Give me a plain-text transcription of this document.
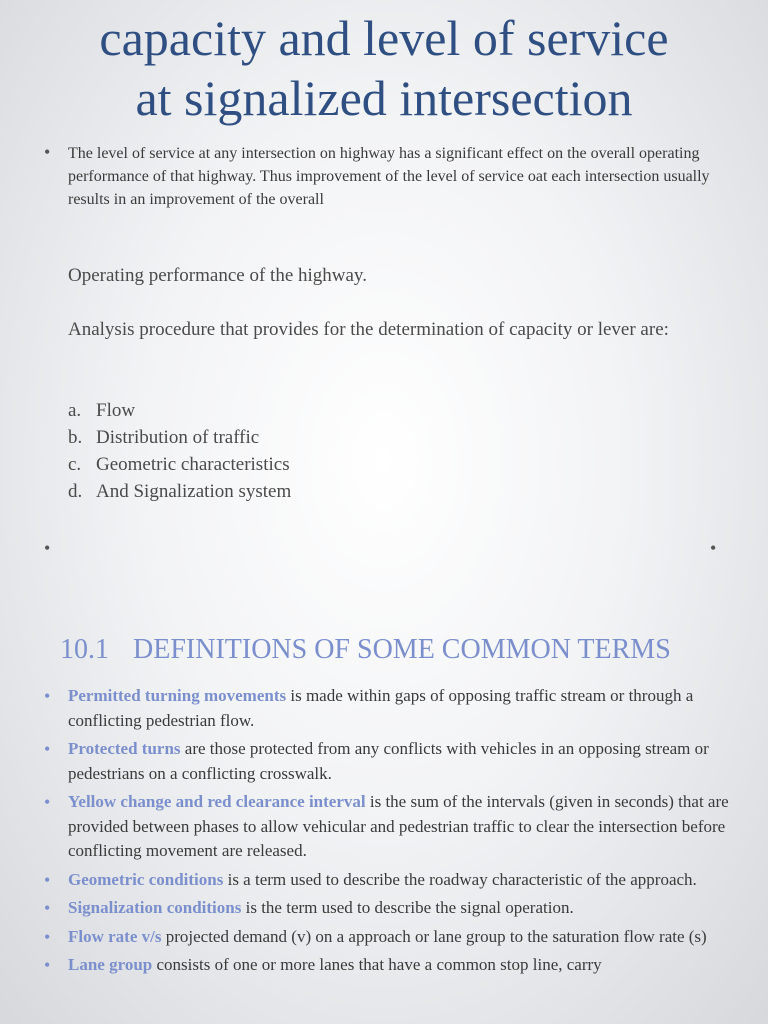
capacity and level of service
at signalized intersection
• The level of service at any intersection on highway has a significant effect on the overall operating performance of that highway. Thus improvement of the level of service oat each intersection usually results in an improvement of the overall
Operating performance of the highway.
Analysis procedure that provides for the determination of capacity or lever are:
a. Flow
b. Distribution of traffic
c. Geometric characteristics
d. And Signalization system
•	•
10.1 DEFINITIONS OF SOME COMMON TERMS
• Permitted turning movements is made within gaps of opposing traffic stream or through a conflicting pedestrian flow.
• Protected turns are those protected from any conflicts with vehicles in an opposing stream or pedestrians on a conflicting crosswalk.
• Yellow change and red clearance interval is the sum of the intervals (given in seconds) that are provided between phases to allow vehicular and pedestrian traffic to clear the intersection before conflicting movement are released.
• Geometric conditions is a term used to describe the roadway characteristic of the approach.
• Signalization conditions is the term used to describe the signal operation.
• Flow rate v/s projected demand (v) on a approach or lane group to the saturation flow rate (s)
• Lane group consists of one or more lanes that have a common stop line, carry
